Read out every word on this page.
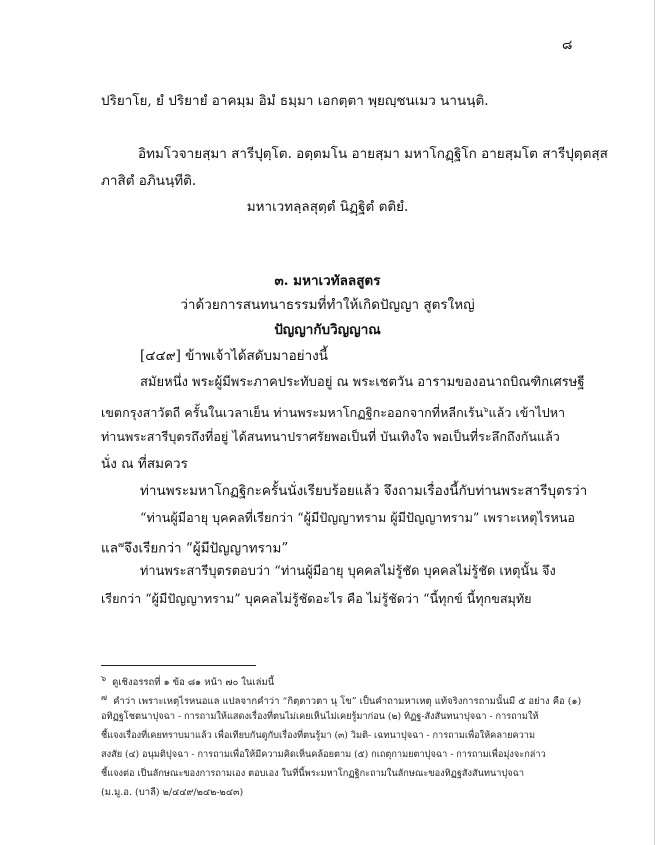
๘
ปริยาโย, ยํ ปริยายํ อาคมฺม อิมํ ธมฺมา เอกตฺตา พฺยญฺชนเมว นานนฺติ.
อิทมโวจายสฺมา สารีปุตฺโต. อตฺตมโน อายสฺมา มหาโกฏฺฐิโก อายสฺมโต สารีปุตฺตสฺส
ภาสิตํ อภินนฺทีติ.
มหาเวทลฺลสุตฺตํ นิฏฺฐิตํ ตติยํ.
๓. มหาเวทัลลสูตร
ว่าด้วยการสนทนาธรรมที่ทำให้เกิดปัญญา สูตรใหญ่
ปัญญากับวิญญาณ
[๔๔๙] ข้าพเจ้าได้สดับมาอย่างนี้
สมัยหนึ่ง พระผู้มีพระภาคประทับอยู่ ณ พระเชตวัน อารามของอนาถบิณฑิกเศรษฐี
เขตกรุงสาวัตถี ครั้นในเวลาเย็น ท่านพระมหาโกฏฐิกะออกจากที่หลีกเร้น$^๖$แล้ว เข้าไปหา
ท่านพระสารีบุตรถึงที่อยู่ ได้สนทนาปราศรัยพอเป็นที่ บันเทิงใจ พอเป็นที่ระลึกถึงกันแล้ว
นั่ง ณ ที่สมควร
ท่านพระมหาโกฏฐิกะครั้นนั่งเรียบร้อยแล้ว จึงถามเรื่องนี้กับท่านพระสารีบุตรว่า
“ท่านผู้มีอายุ บุคคลที่เรียกว่า “ผู้มีปัญญาทราม ผู้มีปัญญาทราม” เพราะเหตุไรหนอ
แล$^๗$จึงเรียกว่า “ผู้มีปัญญาทราม”
ท่านพระสารีบุตรตอบว่า “ท่านผู้มีอายุ บุคคลไม่รู้ชัด บุคคลไม่รู้ชัด เหตุนั้น จึง
เรียกว่า “ผู้มีปัญญาทราม” บุคคลไม่รู้ชัดอะไร คือ ไม่รู้ชัดว่า “นี้ทุกข์ นี้ทุกขสมุทัย
$^๖$ ดูเชิงอรรถที่ ๑ ข้อ ๘๑ หน้า ๗๐ ในเล่มนี้
$^๗$ คำว่า เพราะเหตุไรหนอแล แปลจากคำว่า “กิตฺตาวตา นุ โข” เป็นคำถามหาเหตุ แท้จริงการถามนั้นมี ๕ อย่าง คือ (๑)
อทิฏฐโชตนาปุจฉา - การถามให้แสดงเรื่องที่ตนไม่เคยเห็นไม่เคยรู้มาก่อน (๒) ทิฏฐ-สังสันทนาปุจฉา - การถามให้
ชี้แจงเรื่องที่เคยทราบมาแล้ว เพื่อเทียบกันดูกับเรื่องที่ตนรู้มา (๓) วิมติ- เฉทนาปุจฉา - การถามเพื่อให้คลายความ
สงสัย (๔) อนุมติปุจฉา - การถามเพื่อให้มีความคิดเห็นคล้อยตาม (๕) กเถตุกามยตาปุจฉา - การถามเพื่อมุ่งจะกล่าว
ชี้แจงต่อ เป็นลักษณะของการถามเอง ตอบเอง ในที่นี้พระมหาโกฏฐิกะถามในลักษณะของทิฏฐสังสันทนาปุจฉา
(ม.มู.อ. (บาลี) ๒/๔๔๙/๒๔๒-๒๔๓)
